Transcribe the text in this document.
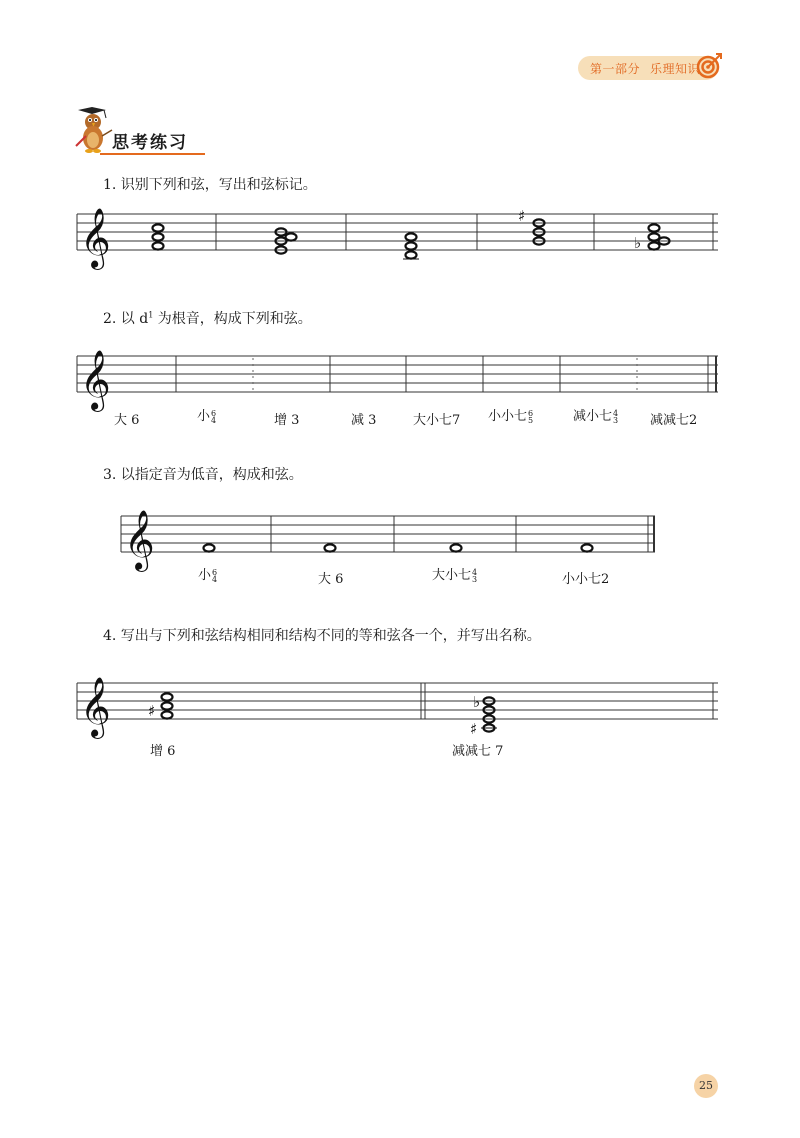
第一部分 乐理知识
思考练习
1. 识别下列和弦，写出和弦标记。
𝄞	♯
♭
2. 以 $d^1$ 为根音，构成下列和弦。
𝄞
大 6	小 6
4	增 3	减 3	大小七7 小小七 6
5	减小七 4
3 减减七2
3. 以指定音为低音，构成和弦。
𝄞
小 6
4	大 6	大小七 4
3	小小七2
4. 写出与下列和弦结构相同和结构不同的等和弦各一个，并写出名称。
𝄞 ♯	♭
♯
增 6	减减七 7
25
